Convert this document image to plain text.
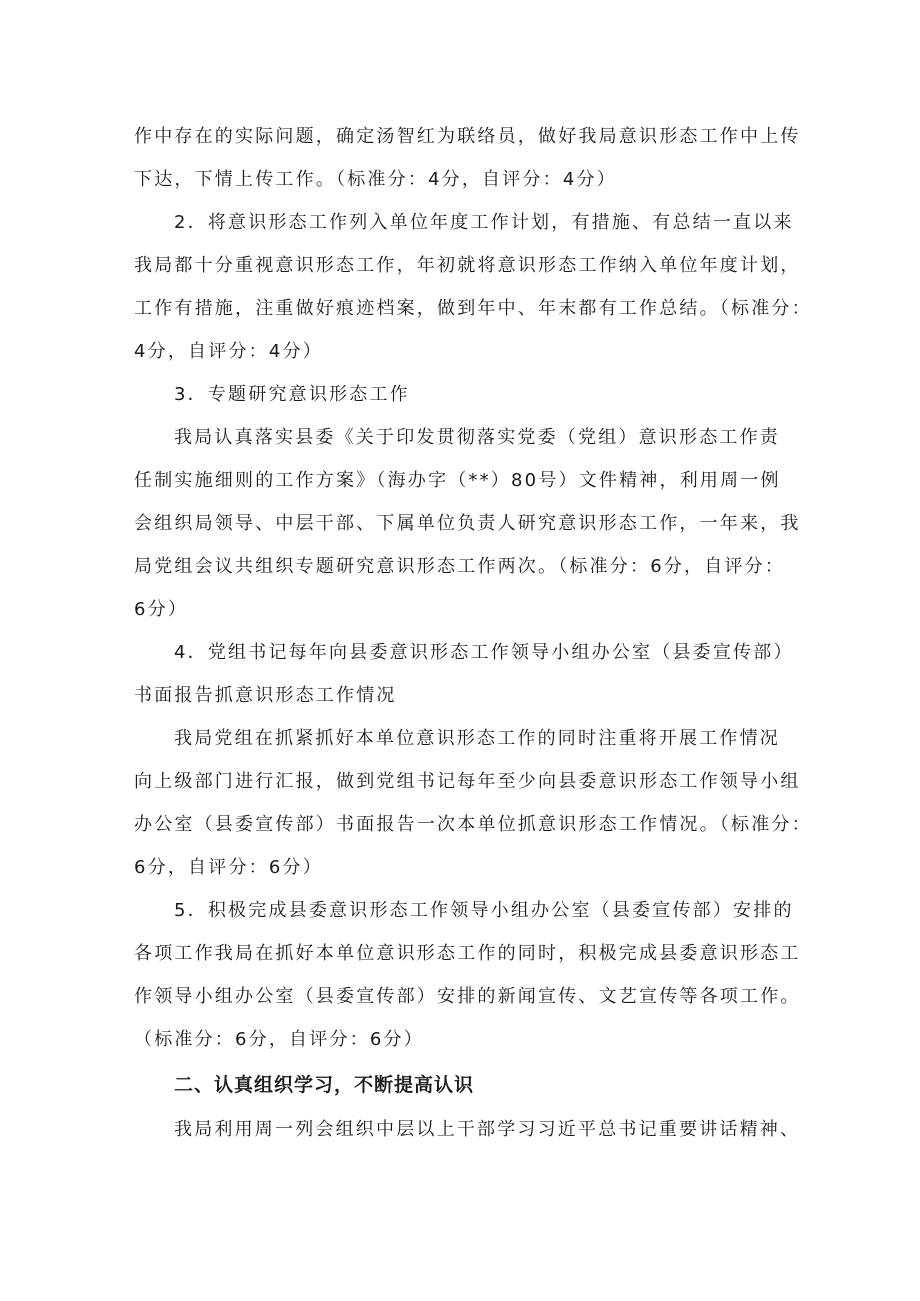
作中存在的实际问题，确定汤智红为联络员，做好我局意识形态工作中上传
下达，下情上传工作。（标准分：4分，自评分：4分）
2．将意识形态工作列入单位年度工作计划，有措施、有总结一直以来
我局都十分重视意识形态工作，年初就将意识形态工作纳入单位年度计划，
工作有措施，注重做好痕迹档案，做到年中、年末都有工作总结。（标准分：
4分，自评分：4分）
3．专题研究意识形态工作
我局认真落实县委《关于印发贯彻落实党委（党组）意识形态工作责
任制实施细则的工作方案》（海办字（**）80号）文件精神，利用周一例
会组织局领导、中层干部、下属单位负责人研究意识形态工作，一年来，我
局党组会议共组织专题研究意识形态工作两次。（标准分：6分，自评分：
6分）
4．党组书记每年向县委意识形态工作领导小组办公室（县委宣传部）
书面报告抓意识形态工作情况
我局党组在抓紧抓好本单位意识形态工作的同时注重将开展工作情况
向上级部门进行汇报，做到党组书记每年至少向县委意识形态工作领导小组
办公室（县委宣传部）书面报告一次本单位抓意识形态工作情况。（标准分：
6分，自评分：6分）
5．积极完成县委意识形态工作领导小组办公室（县委宣传部）安排的
各项工作我局在抓好本单位意识形态工作的同时，积极完成县委意识形态工
作领导小组办公室（县委宣传部）安排的新闻宣传、文艺宣传等各项工作。
（标准分：6分，自评分：6分）
二、认真组织学习，不断提高认识
我局利用周一列会组织中层以上干部学习习近平总书记重要讲话精神、
